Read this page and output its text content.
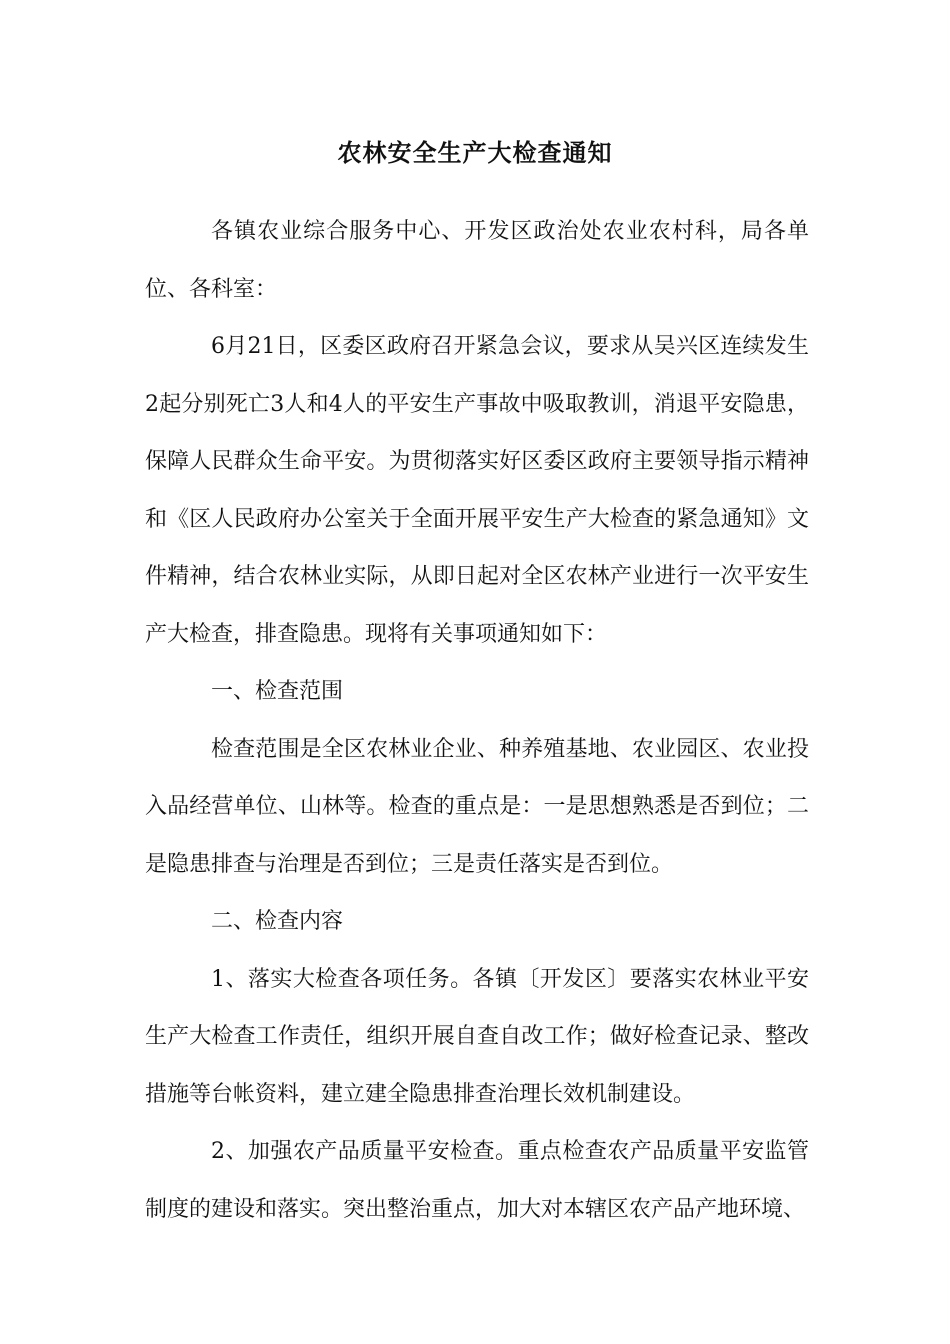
农林安全生产大检查通知

各镇农业综合服务中心、开发区政治处农业农村科，局各单位、各科室：

6月21日，区委区政府召开紧急会议，要求从吴兴区连续发生2起分别死亡3人和4人的平安生产事故中吸取教训，消退平安隐患，保障人民群众生命平安。为贯彻落实好区委区政府主要领导指示精神和《区人民政府办公室关于全面开展平安生产大检查的紧急通知》文件精神，结合农林业实际，从即日起对全区农林产业进行一次平安生产大检查，排查隐患。现将有关事项通知如下：

一、检查范围

检查范围是全区农林业企业、种养殖基地、农业园区、农业投入品经营单位、山林等。检查的重点是：一是思想熟悉是否到位；二是隐患排查与治理是否到位；三是责任落实是否到位。

二、检查内容

1、落实大检查各项任务。各镇〔开发区〕要落实农林业平安生产大检查工作责任，组织开展自查自改工作；做好检查记录、整改措施等台帐资料，建立建全隐患排查治理长效机制建设。

2、加强农产品质量平安检查。重点检查农产品质量平安监管制度的建设和落实。突出整治重点，加大对本辖区农产品产地环境、
